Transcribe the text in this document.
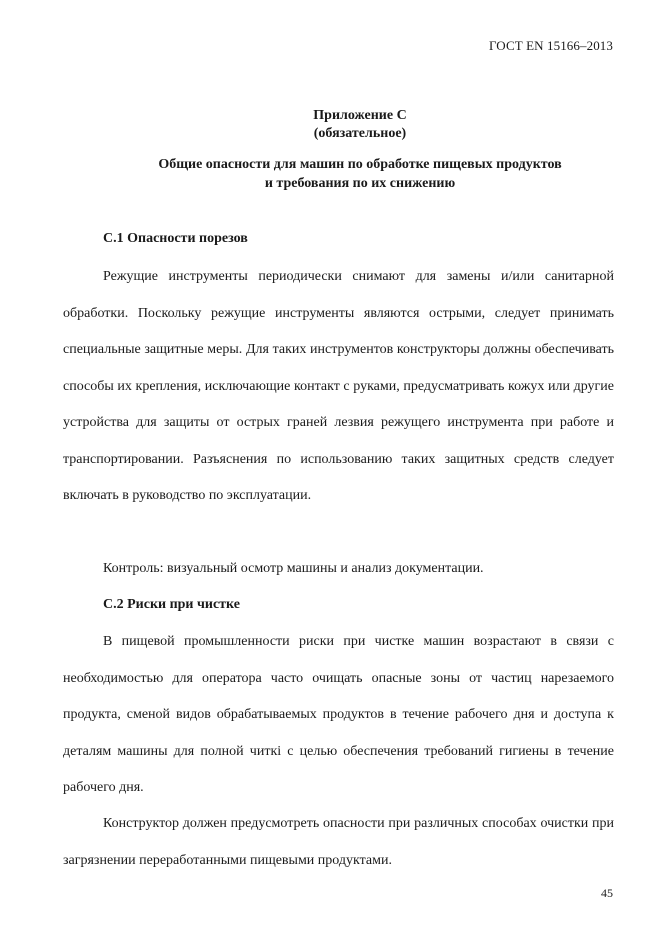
ГОСТ EN 15166–2013
Приложение C
(обязательное)
Общие опасности для машин по обработке пищевых продуктов
и требования по их снижению
С.1 Опасности порезов

Режущие инструменты периодически снимают для замены и/или санитарной обработки. Поскольку режущие инструменты являются острыми, следует принимать специальные защитные меры. Для таких инструментов конструкторы должны обеспечивать способы их крепления, исключающие контакт с руками, предусматривать кожух или другие устройства для защиты от острых граней лезвия режущего инструмента при работе и транспортировании. Разъяснения по использованию таких защитных средств следует включать в руководство по эксплуатации.

Контроль: визуальный осмотр машины и анализ документации.

С.2 Риски при чистке

В пищевой промышленности риски при чистке машин возрастают в связи с необходимостью для оператора часто очищать опасные зоны от частиц нарезаемого продукта, сменой видов обрабатываемых продуктов в течение рабочего дня и доступа к деталям машины для полной читкi с целью обеспечения требований гигиены в течение рабочего дня.

Конструктор должен предусмотреть опасности при различных способах очистки при загрязнении переработанными пищевыми продуктами.

45
